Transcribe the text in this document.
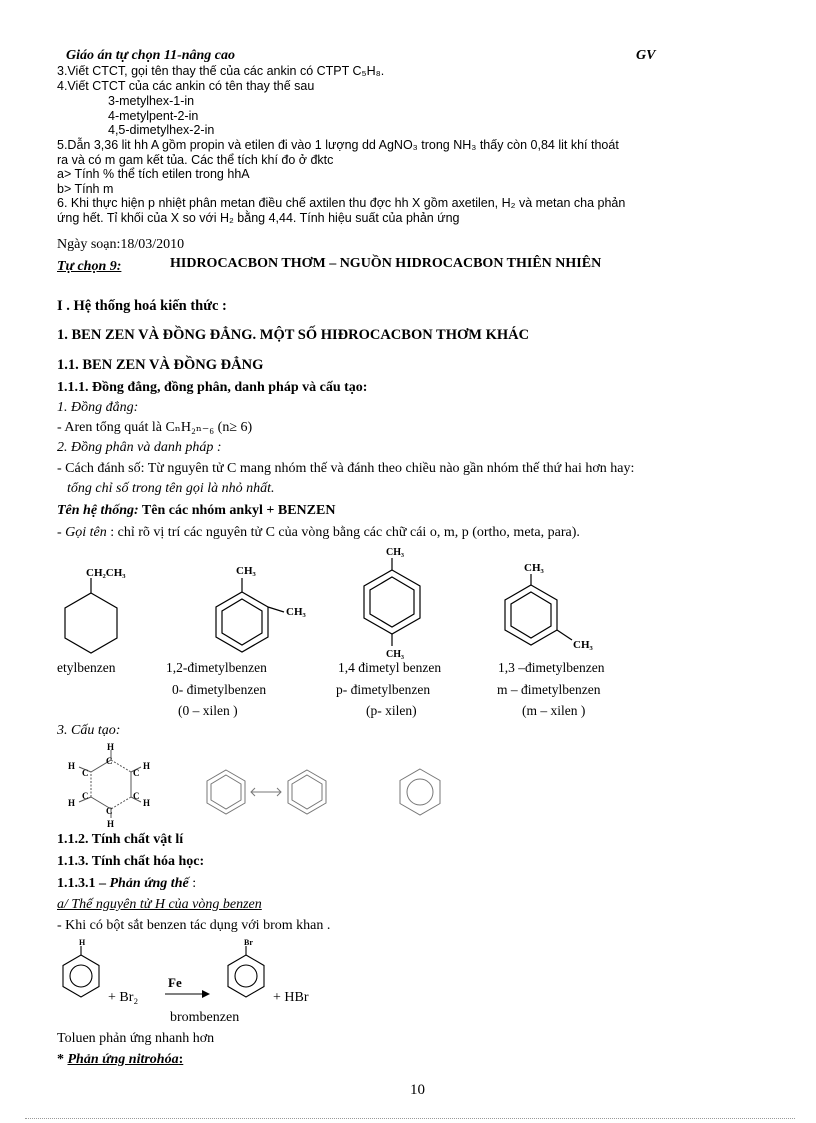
Giáo án tự chọn 11-nâng cao	GV
3.Viết CTCT, gọi tên thay thế của các ankin có CTPT C₅H₈.
4.Viết CTCT của các ankin có tên thay thế sau
3-metylhex-1-in
4-metylpent-2-in
4,5-dimetylhex-2-in
5.Dẫn 3,36 lit hh A gồm propin và etilen đi vào 1 lượng dd AgNO₃ trong NH₃ thấy còn 0,84 lit khí thoát
ra và có m gam kết tủa. Các thể tích khí đo ở đktc
a> Tính % thể tích etilen trong hhA
b> Tính m
6. Khi thực hiện p nhiệt phân metan điều chế axtilen thu đợc hh X gồm axetilen, H₂ và metan cha phản
ứng hết. Tỉ khối của X so với H₂ bằng 4,44. Tính hiệu suất của phản ứng
Ngày soạn:18/03/2010
Tự chọn 9:	HIDROCACBON THƠM – NGUỒN HIDROCACBON THIÊN NHIÊN
I . Hệ thống hoá kiến thức :
1. BEN ZEN VÀ ĐỒNG ĐẲNG. MỘT SỐ HIĐROCACBON THƠM KHÁC
1.1. BEN ZEN VÀ ĐỒNG ĐẲNG
1.1.1. Đồng đẳng, đồng phân, danh pháp và cấu tạo:
1. Đồng đẳng:
- Aren tổng quát là CₙH₂ₙ₋₆ (n≥ 6)
2. Đồng phân và danh pháp :
- Cách đánh số: Từ nguyên tử C mang nhóm thế và đánh theo chiều nào gần nhóm thế thứ hai hơn hay:
tổng chỉ số trong tên gọi là nhỏ nhất.
Tên hệ thống: Tên các nhóm ankyl + BENZEN
- Gọi tên : chỉ rõ vị trí các nguyên tử C của vòng bằng các chữ cái o, m, p (ortho, meta, para).
CH₂CH₃	CH₃
CH₃
CH₃
CH₃
CH₃
CH₃
etylbenzen	1,2-đimetylbenzen
0- đimetylbenzen
(0 – xilen )
1,4 đimetyl benzen
p- đimetylbenzen
(p- xilen)
1,3 –đimetylbenzen
m – đimetylbenzen
(m – xilen )
3. Cấu tạo:
H
C	H
C
H
C
H
C
H
C
C
H
1.1.2. Tính chất vật lí
1.1.3. Tính chất hóa học:
1.1.3.1 – Phản ứng thế :
a/ Thế nguyên tử H của vòng benzen
- Khi có bột sắt benzen tác dụng với brom khan .
H	Br
Fe
+ Br₂	+ HBr
brombenzen
Toluen phản ứng nhanh hơn
* Phản ứng nitrohóa:
10
